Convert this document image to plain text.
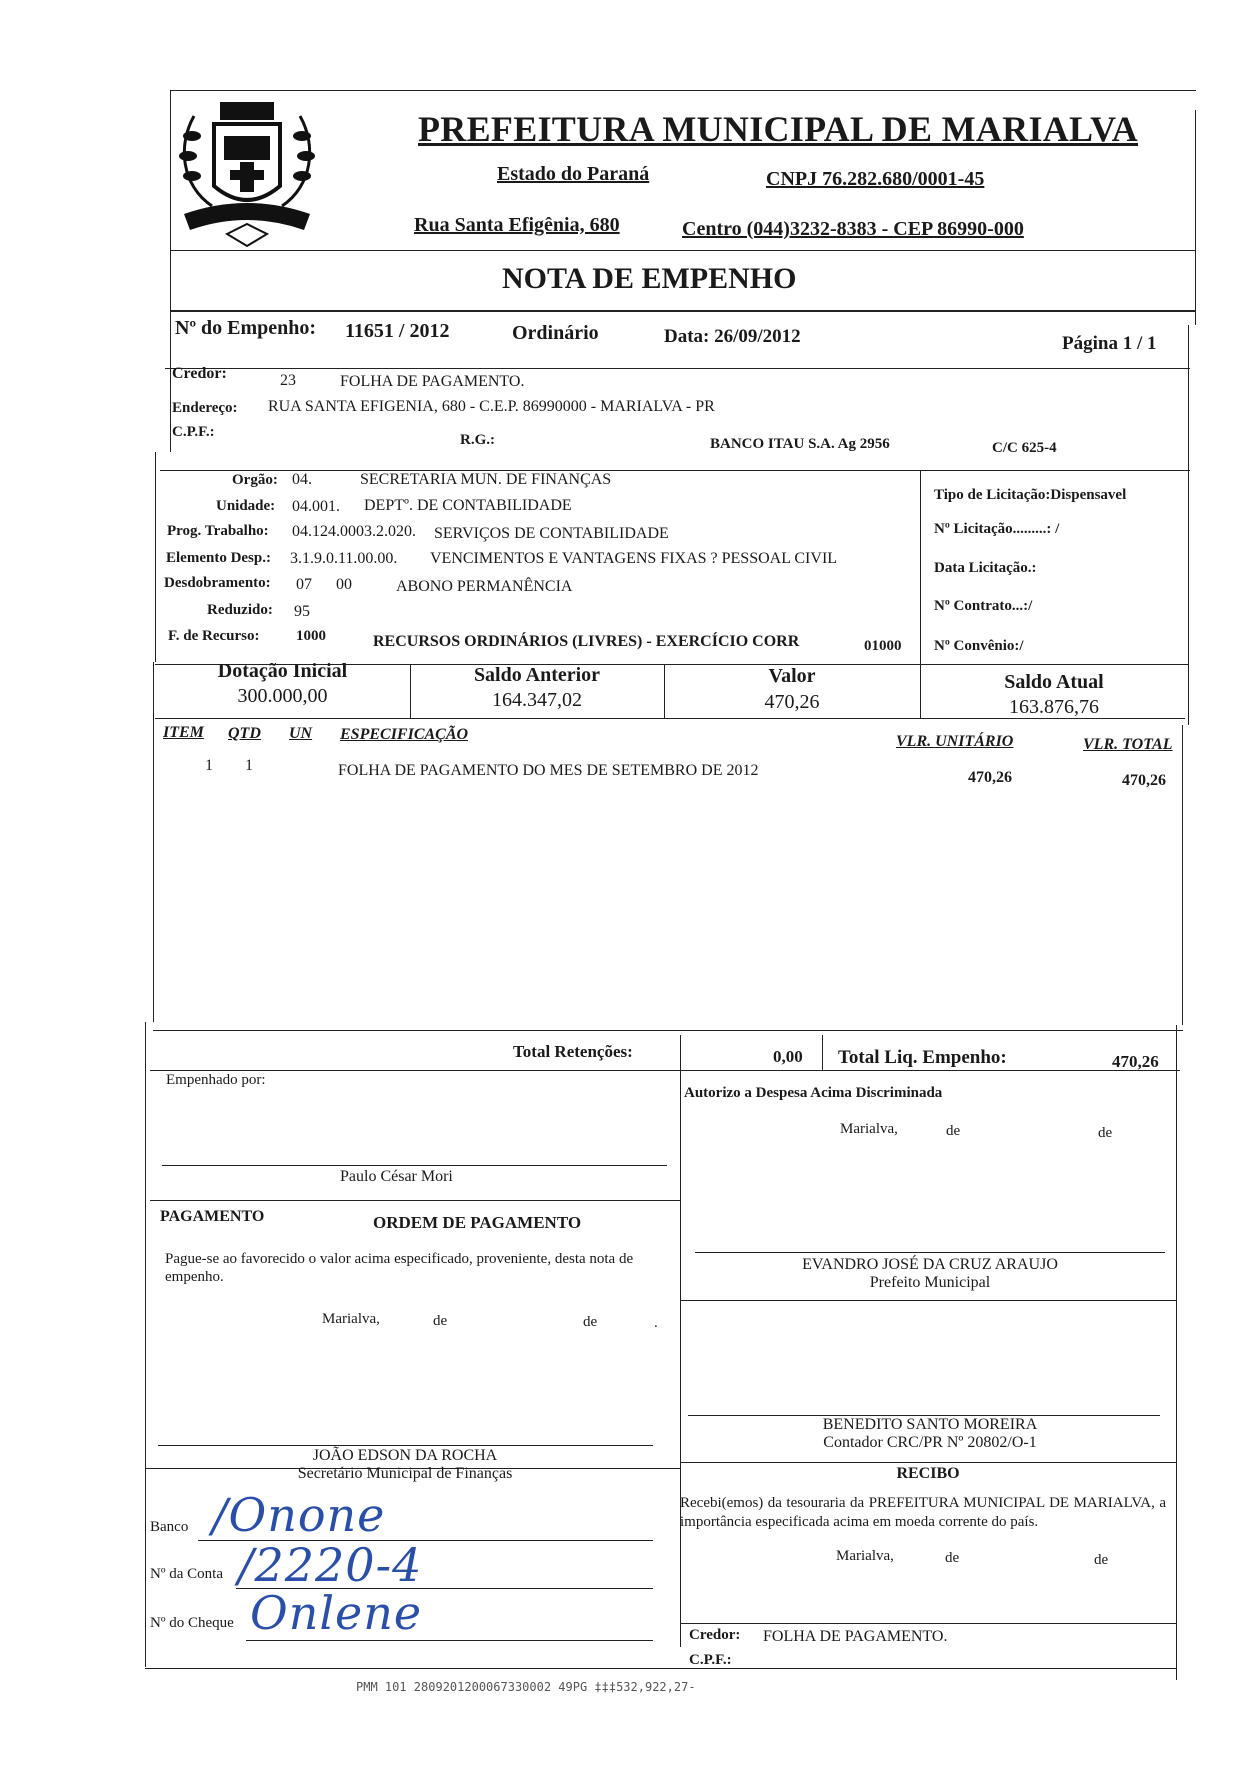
PREFEITURA MUNICIPAL DE MARIALVA
Estado do Paraná	CNPJ 76.282.680/0001-45
Rua Santa Efigênia, 680	Centro (044)3232-8383 - CEP 86990-000
NOTA DE EMPENHO
Nº do Empenho: 11651 / 2012	Ordinário	Data: 26/09/2012	Página 1 / 1
Credor:	23	FOLHA DE PAGAMENTO.
Endereço: RUA SANTA EFIGENIA, 680 - C.E.P. 86990000 - MARIALVA - PR
C.P.F.:	R.G.:	BANCO ITAU S.A. Ag 2956	C/C 625-4
Orgão: 04.	SECRETARIA MUN. DE FINANÇAS
Unidade: 04.001. DEPTº. DE CONTABILIDADE
Prog. Trabalho: 04.124.0003.2.020. SERVIÇOS DE CONTABILIDADE
Elemento Desp.: 3.1.9.0.11.00.00. VENCIMENTOS E VANTAGENS FIXAS ? PESSOAL CIVIL
Desdobramento: 07      00	ABONO PERMANÊNCIA
Reduzido: 95
F. de Recurso: 1000	RECURSOS ORDINÁRIOS (LIVRES) - EXERCÍCIO CORR	01000
Tipo de Licitação:Dispensavel
Nº Licitação.........: /
Data Licitação.:
Nº Contrato...:/
Nº Convênio:/
Dotação Inicial
300.000,00
Saldo Anterior
164.347,02
Valor
470,26
Saldo Atual
163.876,76
ITEM QTD UN ESPECIFICAÇÃO	VLR. UNITÁRIO	VLR. TOTAL
1 1	FOLHA DE PAGAMENTO DO MES DE SETEMBRO DE 2012	470,26	470,26
Total Retenções:	0,00 Total Liq. Empenho:	470,26
Empenhado por:
Paulo César Mori
Autorizo a Despesa Acima Discriminada
Marialva,	de	de
EVANDRO JOSÉ DA CRUZ ARAUJO
Prefeito Municipal
BENEDITO SANTO MOREIRA
Contador CRC/PR Nº 20802/O-1
PAGAMENTO	ORDEM DE PAGAMENTO
Pague-se ao favorecido o valor acima especificado, proveniente, desta nota de empenho.
Marialva,	de	de	.
JOÃO EDSON DA ROCHA
Secretário Municipal de Finanças
Banco /Onone
Nº da Conta /2220-4
Nº do Cheque Onlene
RECIBO
Recebi(emos) da tesouraria da PREFEITURA MUNICIPAL DE MARIALVA, a importância especificada acima em moeda corrente do país.
Marialva,	de	de
Credor: FOLHA DE PAGAMENTO.
C.P.F.:
PMM 101 2809201200067330002 49PG ‡‡‡532,922,27-
